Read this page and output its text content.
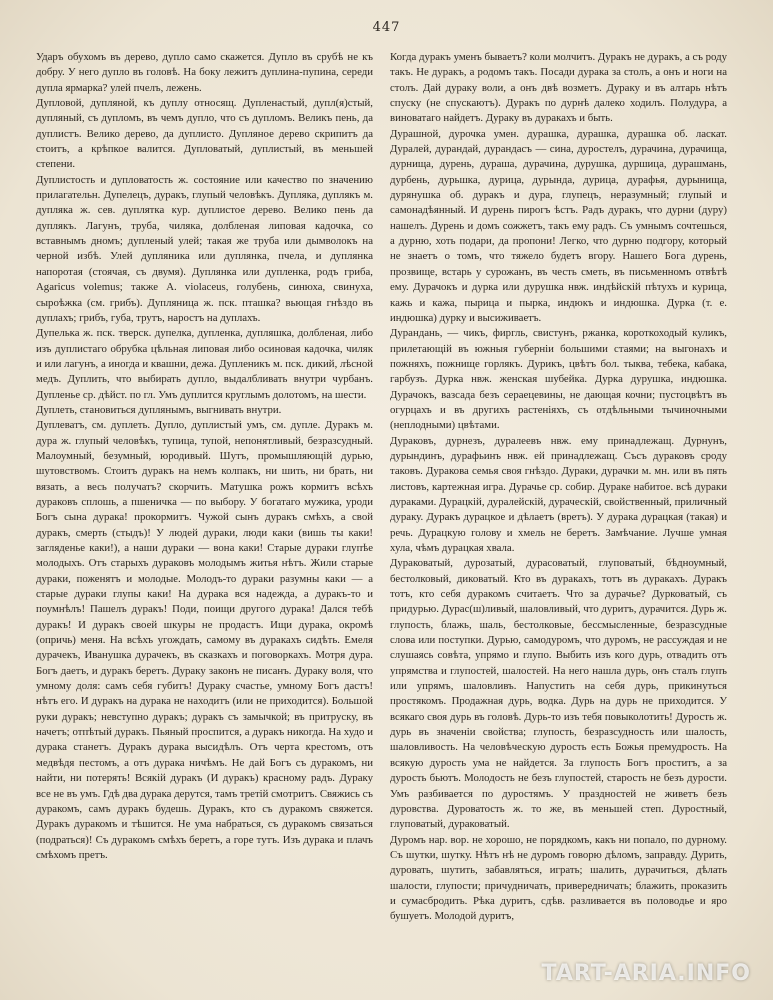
447

Ударъ обухомъ въ дерево, дупло само скажется. Дупло въ срубѣ не къ добру. У него дупло въ головѣ. На боку лежитъ дуплина-пупина, середи дупла ярмарка? улей пчелъ, лежень.

Дупловой, дупляной, къ дуплу относящ. Дупленастый, дупл(я)стый, дупляный, съ дупломъ, въ чемъ дупло, что съ дупломъ. Великъ пень, да дуплистъ. Велико дерево, да дуплисто. Дупляное дерево скрипитъ да стоитъ, а крѣпкое валится. Дупловатый, дуплистый, въ меньшей степени.

Дуплистость и дупловатость ж. состояние или качество по значению прилагательн. Дупелецъ, дуракъ, глупый человѣкъ. Дупляка, дуплякъ м. дупляка ж. сев. дуплятка кур. дуплистое дерево. Велико пень да дуплякъ. Лагунъ, труба, чиляка, долбленая липовая кадочка, со вставнымъ дномъ; дупленый улей; такая же труба или дымволокъ на черной избѣ. Улей дупляника или дуплянка, пчела, и дуплянка напоротая (стоячая, съ двумя). Дуплянка или дупленка, родъ гриба, Agaricus volemus; также A. violaceus, голубень, синюха, свинуха, сыроѣжка (см. грибъ). Дупляница ж. пск. пташка? вьющая гнѣздо въ дуплахъ; грибъ, губа, трутъ, наростъ на дуплахъ.

Дупелька ж. пск. тверск. дупелка, дупленка, дупляшка, долбленая, либо изъ дуплистаго обрубка цѣльная липовая либо осиновая кадочка, чиляк и или лагунъ, а иногда и квашни, дежа. Дупленикъ м. пск. дикий, лѣсной медъ. Дуплить, что выбирать дупло, выдалбливать внутри чурбанъ. Дупленье ср. дѣйст. по гл. Умъ дуплится круглымъ долотомъ, на шести.

Дуплеть, становиться дуплянымъ, выгнивать внутри.

Дуплеватъ, см. дуплеть. Дупло, дуплистый умъ, см. дупле. Дуракъ м. дура ж. глупый человѣкъ, тупица, тупой, непонятливый, безразсудный. Малоумный, безумный, юродивый. Шутъ, промышляющій дурью, шутовствомъ. Стоитъ дуракъ на немъ колпакъ, ни шить, ни брать, ни вязать, а весь получатъ? скорчить. Матушка рожъ кормитъ всѣхъ дураковъ сплошь, а пшеничка — по выбору. У богатаго мужика, уроди Богъ сына дурака! прокормитъ. Чужой сынъ дуракъ смѣхъ, а свой дуракъ, смерть (стыдъ)! У людей дураки, люди каки (вишь ты каки! загляденье каки!), а наши дураки — вона каки! Старые дураки глупѣе молодыхъ. Отъ старыхъ дураковъ молодымъ житья нѣтъ. Жили старые дураки, поженятъ и молодые. Молодъ-то дураки разумны каки — а старые дураки глупы каки! На дурака вся надежда, а дуракъ-то и поумнѣлъ! Пашелъ дуракъ! Поди, поищи другого дурака! Дался тебѣ дуракъ! И дуракъ своей шкуры не продастъ. Ищи дурака, окромѣ (опричь) меня. На всѣхъ угождать, самому въ дуракахъ сидѣть. Емеля дурачекъ, Иванушка дурачекъ, въ сказкахъ и поговоркахъ. Мотря дура. Богъ даетъ, и дуракъ беретъ. Дураку законъ не писанъ. Дураку воля, что умному доля: самъ себя губитъ! Дураку счастье, умному Богъ дастъ! нѣтъ его. И дуракъ на дурака не находитъ (или не приходится). Большой руки дуракъ; невступно дуракъ; дуракъ съ замычкой; въ притруску, въ начетъ; отпѣтый дуракъ. Пьяный проспится, а дуракъ никогда. На худо и дурака станетъ. Дуракъ дурака высидѣлъ. Отъ черта крестомъ, отъ медвѣдя пестомъ, а отъ дурака ничѣмъ. Не дай Богъ съ дуракомъ, ни найти, ни потерять! Всякій дуракъ (И дуракъ) красному радъ. Дураку все не въ умъ. Гдѣ два дурака дерутся, тамъ третій смотритъ. Свяжись съ дуракомъ, самъ дуракъ будешь. Дуракъ, кто съ дуракомъ свяжется. Дуракъ дуракомъ и тѣшится. Не ума набраться, съ дуракомъ связаться (подраться)! Съ дуракомъ смѣхъ беретъ, а горе тутъ. Изъ дурака и плачъ смѣхомъ претъ.

Когда дуракъ уменъ бываетъ? коли молчитъ. Дуракъ не дуракъ, а съ роду такъ. Не дуракъ, а родомъ такъ. Посади дурака за столъ, а онъ и ноги на столъ. Дай дураку воли, а онъ двѣ возметъ. Дураку и въ алтарь нѣтъ спуску (не спускаютъ). Дуракъ по дурнѣ далеко ходилъ. Полудура, а виноватаго найдетъ. Дураку въ дуракахъ и быть.

Дурашной, дурочка умен. дурашка, дурашка, дурашка об. ласкат. Дуралей, дурандай, дурандасъ — сина, дуростелъ, дурачина, дурачища, дурнища, дурень, дураша, дурачина, дурушка, дуршица, дурашмань, дурбень, дурьшка, дурица, дурында, дурица, дурафья, дурынища, дурянушка об. дуракъ и дура, глупецъ, неразумный; глупый и самонадѣянный. И дурень пирогъ ѣстъ. Радъ дуракъ, что дурни (дуру) нашелъ. Дурень и домъ сожжетъ, такъ ему радъ. Съ умнымъ сочтешься, а дурню, хоть подари, да пропони! Легко, что дурню подгору, который не знаетъ о томъ, что тяжело будетъ вгору. Нашего Бога дурень, прозвище, встарь у сурожанъ, въ честь сметь, въ письменномъ отвѣтѣ ему. Дурачокъ и дурка или дурушка нвж. индѣйскій пѣтухъ и курица, кажь и кажа, пырица и пырка, индюкъ и индюшка. Дурка (т. е. индюшка) дурку и высиживаетъ.

Дурандань, — чикъ, фиргль, свистунъ, ржанка, короткоходый куликъ, прилетающій въ южныя губерніи большими стаями; на выгонахъ и пожняхъ, пожнище горлякъ. Дурикъ, цвѣтъ бол. тыква, тебека, кабака, гарбузъ. Дурка нвж. женская шубейка. Дурка дурушка, индюшка. Дурачокъ, вазсада безъ сераецевины, не дающая кочни; пустоцвѣтъ въ огурцахъ и въ другихъ растеніяхъ, съ отдѣльными тычиночными (неплодными) цвѣтами.

Дураковъ, дурнезъ, дуралеевъ нвж. ему принадлежащ. Дурнунъ, дурындинъ, дурафьинъ нвж. ей принадлежащ. Съсъ дураковъ сроду таковъ. Дуракова семья своя гнѣздо. Дураки, дурачки м. мн. или въ пять листовъ, картежная игра. Дурачье ср. собир. Дураке набитое. всѣ дураки дураками. Дурацкій, дуралейскій, дураческій, свойственный, приличный дураку. Дуракъ дурацкое и дѣлаетъ (вретъ). У дурака дурацкая (такая) и речь. Дурацкую голову и хмель не беретъ. Замѣчание. Лучше умная хула, чѣмъ дурацкая хвала.

Дураковатый, дурозатый, дурасоватый, глуповатый, бѣдноумный, бестолковый, диковатый. Кто въ дуракахъ, тотъ въ дуракахъ. Дуракъ тотъ, кто себя дуракомъ считаетъ. Что за дурачье? Дурковатый, съ придурью. Дурас(ш)ливый, шаловливый, что дуритъ, дурачится. Дурь ж. глупость, блажь, шаль, бестолковые, бессмысленные, безразсудные слова или поступки. Дурью, самодуромъ, что дуромъ, не рассуждая и не слушаясь совѣта, упрямо и глупо. Выбить изъ кого дурь, отвадить отъ упрямства и глупостей, шалостей. На него нашла дурь, онъ сталъ глупъ или упрямъ, шаловливъ. Напустить на себя дурь, прикинуться простякомъ. Продажная дурь, водка. Дурь на дурь не приходится. У всякаго своя дурь въ головѣ. Дурь-то изъ тебя повыколотить! Дурость ж. дурь въ значенiи свойства; глупость, безразсудность или шалость, шаловливость. На человѣческую дурость есть Божья премудрость. На всякую дурость ума не найдется. За глупость Богъ проститъ, а за дурость бьютъ. Молодость не безъ глупостей, старость не безъ дурости. Умъ разбивается по дуростямъ. У праздностей не живетъ безъ дуровства. Дуроватость ж. то же, въ меньшей степ. Дуростный, глуповатый, дураковатый.

Дуромъ нар. вор. не хорошо, не порядкомъ, какъ ни попало, по дурному. Съ шутки, шутку. Нѣтъ нѣ не дуромъ говорю дѣломъ, заправду. Дурить, дуровать, шутить, забавляться, играть; шалить, дурачиться, дѣлать шалости, глупости; причудничать, привередничать; блажить, проказить и сумасбродить. Рѣка дуритъ, сдѣв. разливается въ половодье и яро бушуетъ. Молодой дуритъ,

TART-ARIA.INFO
